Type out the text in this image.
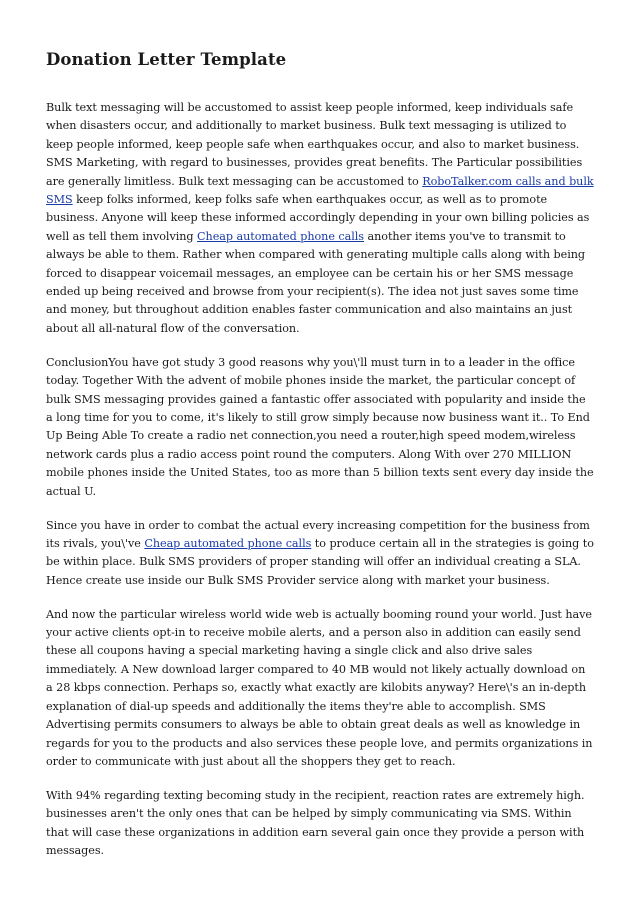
Donation Letter Template

Bulk text messaging will be accustomed to assist keep people informed, keep individuals safe when disasters occur, and additionally to market business. Bulk text messaging is utilized to keep people informed, keep people safe when earthquakes occur, and also to market business. SMS Marketing, with regard to businesses, provides great benefits. The Particular possibilities are generally limitless. Bulk text messaging can be accustomed to RoboTalker.com calls and bulk SMS keep folks informed, keep folks safe when earthquakes occur, as well as to promote business. Anyone will keep these informed accordingly depending in your own billing policies as well as tell them involving Cheap automated phone calls another items you've to transmit to always be able to them. Rather when compared with generating multiple calls along with being forced to disappear voicemail messages, an employee can be certain his or her SMS message ended up being received and browse from your recipient(s). The idea not just saves some time and money, but throughout addition enables faster communication and also maintains an just about all all-natural flow of the conversation.

ConclusionYou have got study 3 good reasons why you\'ll must turn in to a leader in the office today. Together With the advent of mobile phones inside the market, the particular concept of bulk SMS messaging provides gained a fantastic offer associated with popularity and inside the a long time for you to come, it's likely to still grow simply because now business want it.. To End Up Being Able To create a radio net connection,you need a router,high speed modem,wireless network cards plus a radio access point round the computers. Along With over 270 MILLION mobile phones inside the United States, too as more than 5 billion texts sent every day inside the actual U.

Since you have in order to combat the actual every increasing competition for the business from its rivals, you\'ve Cheap automated phone calls to produce certain all in the strategies is going to be within place. Bulk SMS providers of proper standing will offer an individual creating a SLA. Hence create use inside our Bulk SMS Provider service along with market your business.

And now the particular wireless world wide web is actually booming round your world. Just have your active clients opt-in to receive mobile alerts, and a person also in addition can easily send these all coupons having a special marketing having a single click and also drive sales immediately. A New download larger compared to 40 MB would not likely actually download on a 28 kbps connection. Perhaps so, exactly what exactly are kilobits anyway? Here\'s an in-depth explanation of dial-up speeds and additionally the items they're able to accomplish. SMS Advertising permits consumers to always be able to obtain great deals as well as knowledge in regards for you to the products and also services these people love, and permits organizations in order to communicate with just about all the shoppers they get to reach.

With 94% regarding texting becoming study in the recipient, reaction rates are extremely high. businesses aren't the only ones that can be helped by simply communicating via SMS. Within that will case these organizations in addition earn several gain once they provide a person with messages.
